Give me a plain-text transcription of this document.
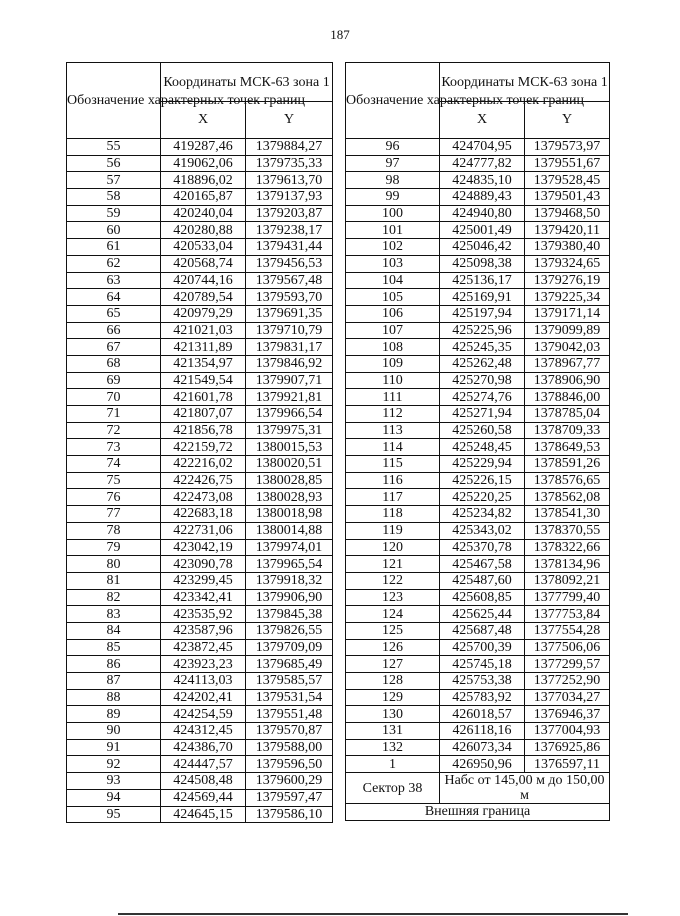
187
Обозначение характерных точек границ	Координаты МСК-63 зона 1	
	X	Y
55	419287,46	1379884,27
56	419062,06	1379735,33
57	418896,02	1379613,70
58	420165,87	1379137,93
59	420240,04	1379203,87
60	420280,88	1379238,17
61	420533,04	1379431,44
62	420568,74	1379456,53
63	420744,16	1379567,48
64	420789,54	1379593,70
65	420979,29	1379691,35
66	421021,03	1379710,79
67	421311,89	1379831,17
68	421354,97	1379846,92
69	421549,54	1379907,71
70	421601,78	1379921,81
71	421807,07	1379966,54
72	421856,78	1379975,31
73	422159,72	1380015,53
74	422216,02	1380020,51
75	422426,75	1380028,85
76	422473,08	1380028,93
77	422683,18	1380018,98
78	422731,06	1380014,88
79	423042,19	1379974,01
80	423090,78	1379965,54
81	423299,45	1379918,32
82	423342,41	1379906,90
83	423535,92	1379845,38
84	423587,96	1379826,55
85	423872,45	1379709,09
86	423923,23	1379685,49
87	424113,03	1379585,57
88	424202,41	1379531,54
89	424254,59	1379551,48
90	424312,45	1379570,87
91	424386,70	1379588,00
92	424447,57	1379596,50
93	424508,48	1379600,29
94	424569,44	1379597,47
95	424645,15	1379586,10
Обозначение характерных точек границ	Координаты МСК-63 зона 1	
	X	Y
96	424704,95	1379573,97
97	424777,82	1379551,67
98	424835,10	1379528,45
99	424889,43	1379501,43
100	424940,80	1379468,50
101	425001,49	1379420,11
102	425046,42	1379380,40
103	425098,38	1379324,65
104	425136,17	1379276,19
105	425169,91	1379225,34
106	425197,94	1379171,14
107	425225,96	1379099,89
108	425245,35	1379042,03
109	425262,48	1378967,77
110	425270,98	1378906,90
111	425274,76	1378846,00
112	425271,94	1378785,04
113	425260,58	1378709,33
114	425248,45	1378649,53
115	425229,94	1378591,26
116	425226,15	1378576,65
117	425220,25	1378562,08
118	425234,82	1378541,30
119	425343,02	1378370,55
120	425370,78	1378322,66
121	425467,58	1378134,96
122	425487,60	1378092,21
123	425608,85	1377799,40
124	425625,44	1377753,84
125	425687,48	1377554,28
126	425700,39	1377506,06
127	425745,18	1377299,57
128	425753,38	1377252,90
129	425783,92	1377034,27
130	426018,57	1376946,37
131	426118,16	1377004,93
132	426073,34	1376925,86
1	426950,96	1376597,11
Сектор 38	Набс от 145,00 м до 150,00 м	
Внешняя граница		
